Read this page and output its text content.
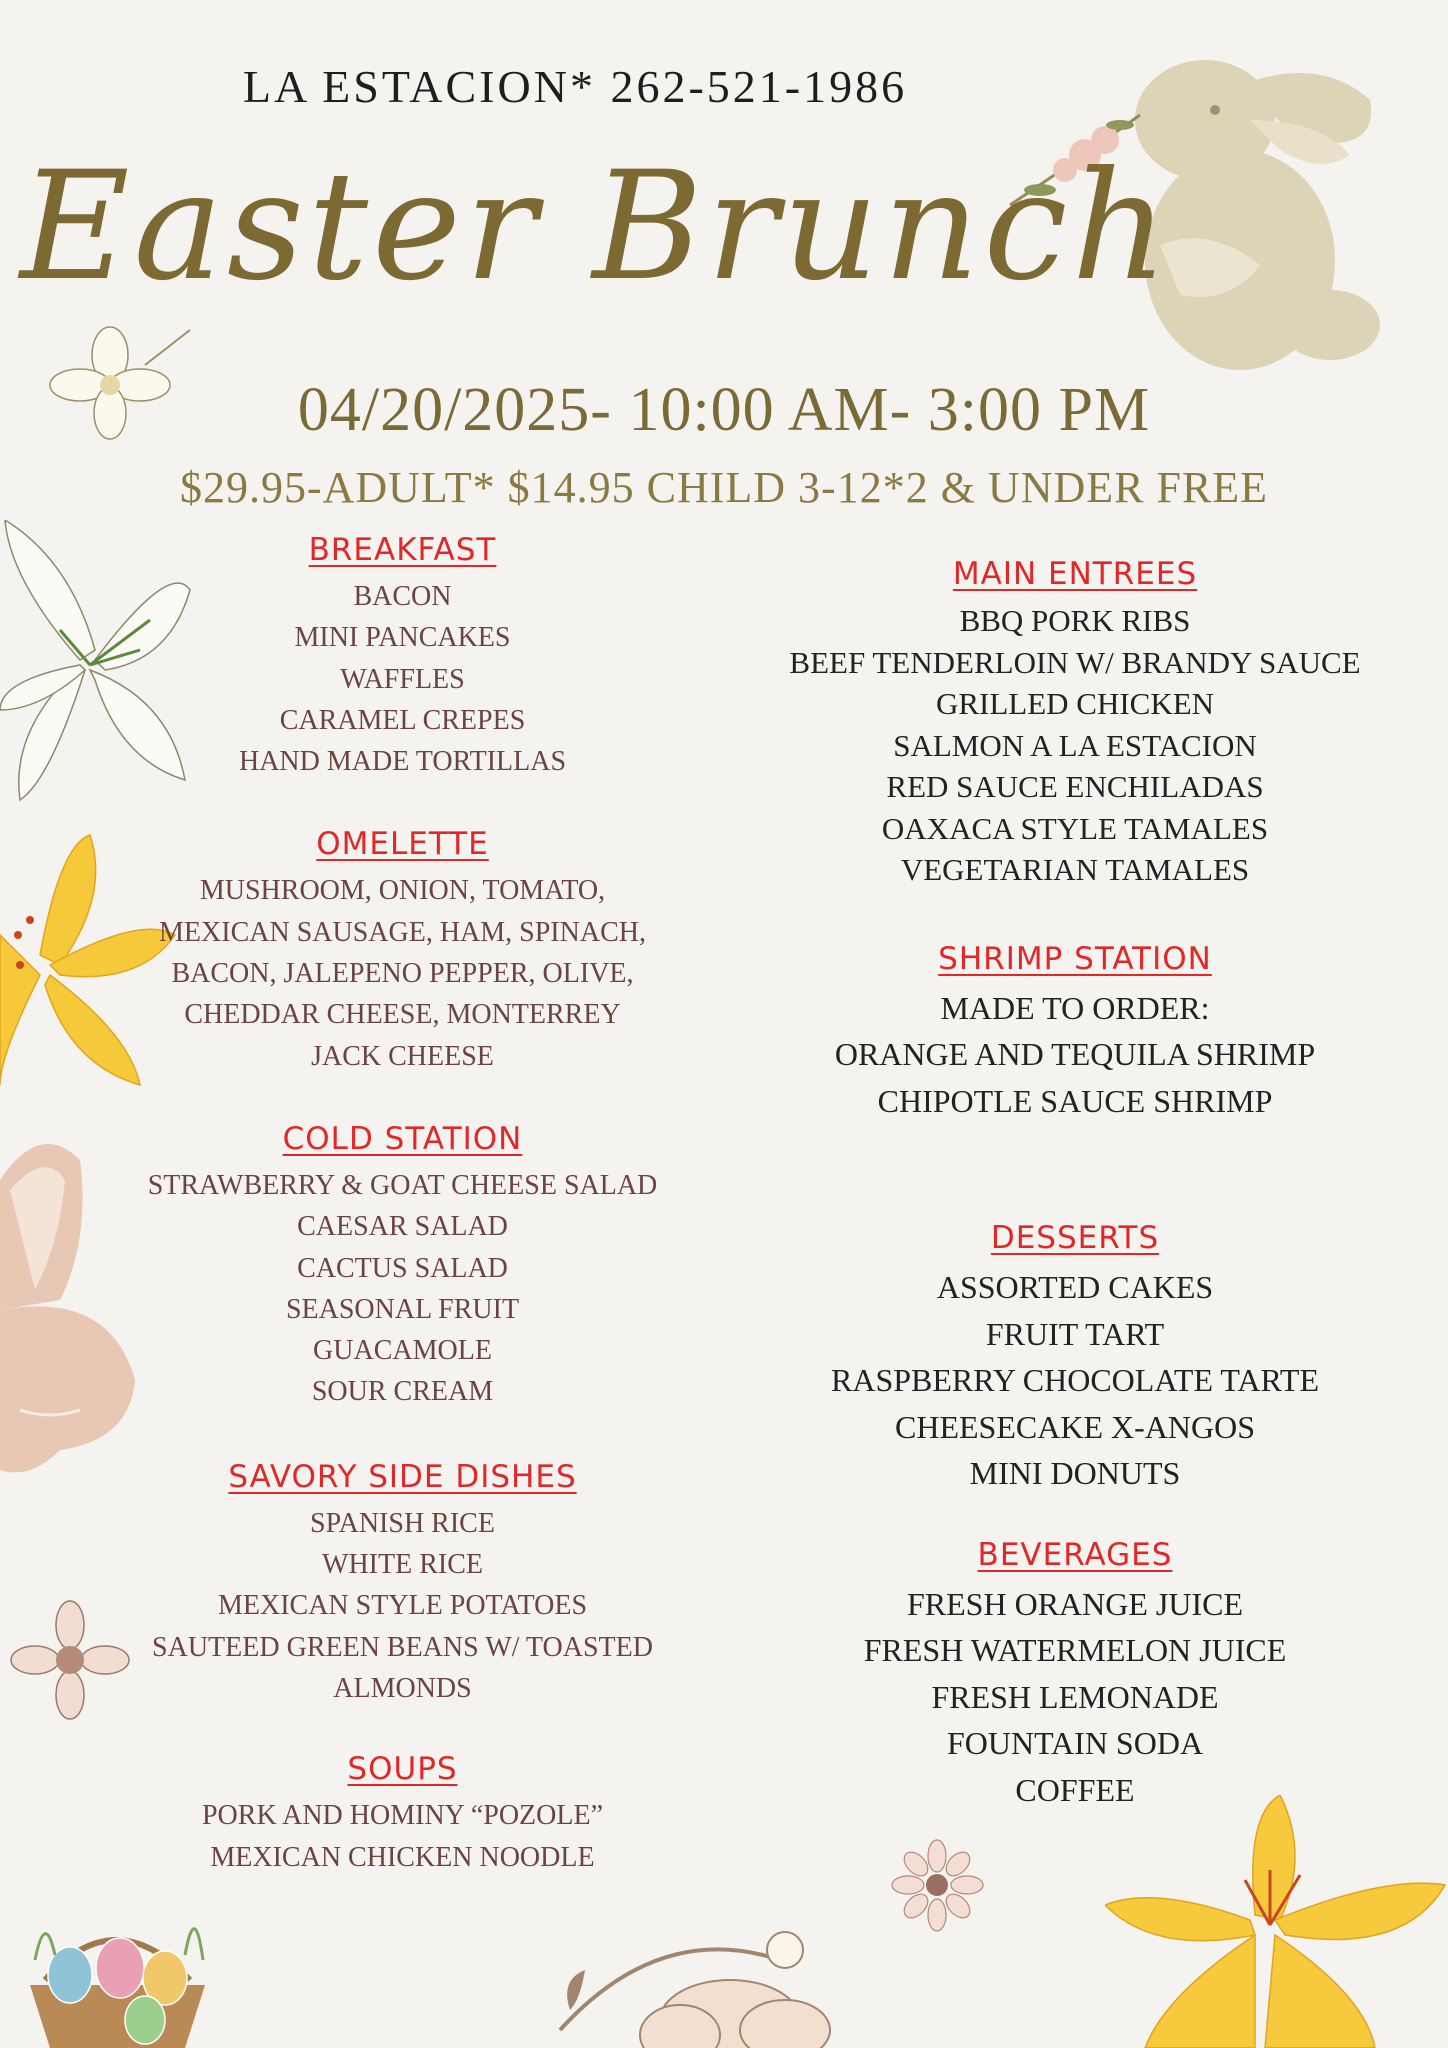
LA ESTACION* 262-521-1986
Easter Brunch
04/20/2025- 10:00 AM- 3:00 PM
$29.95-ADULT* $14.95 CHILD 3-12*2 & UNDER FREE
BREAKFAST
BACON
MINI PANCAKES
WAFFLES
CARAMEL CREPES
HAND MADE TORTILLAS
OMELETTE
MUSHROOM, ONION, TOMATO,
MEXICAN SAUSAGE, HAM, SPINACH,
BACON, JALEPENO PEPPER, OLIVE,
CHEDDAR CHEESE, MONTERREY
JACK CHEESE
COLD STATION
STRAWBERRY & GOAT CHEESE SALAD
CAESAR SALAD
CACTUS SALAD
SEASONAL FRUIT
GUACAMOLE
SOUR CREAM
SAVORY SIDE DISHES
SPANISH RICE
WHITE RICE
MEXICAN STYLE POTATOES
SAUTEED GREEN BEANS W/ TOASTED
ALMONDS
SOUPS
PORK AND HOMINY “POZOLE”
MEXICAN CHICKEN NOODLE
MAIN ENTREES
BBQ PORK RIBS
BEEF TENDERLOIN W/ BRANDY SAUCE
GRILLED CHICKEN
SALMON A LA ESTACION
RED SAUCE ENCHILADAS
OAXACA STYLE TAMALES
VEGETARIAN TAMALES
SHRIMP STATION
MADE TO ORDER:
ORANGE AND TEQUILA SHRIMP
CHIPOTLE SAUCE SHRIMP
DESSERTS
ASSORTED CAKES
FRUIT TART
RASPBERRY CHOCOLATE TARTE
CHEESECAKE X-ANGOS
MINI DONUTS
BEVERAGES
FRESH ORANGE JUICE
FRESH WATERMELON JUICE
FRESH LEMONADE
FOUNTAIN SODA
COFFEE
